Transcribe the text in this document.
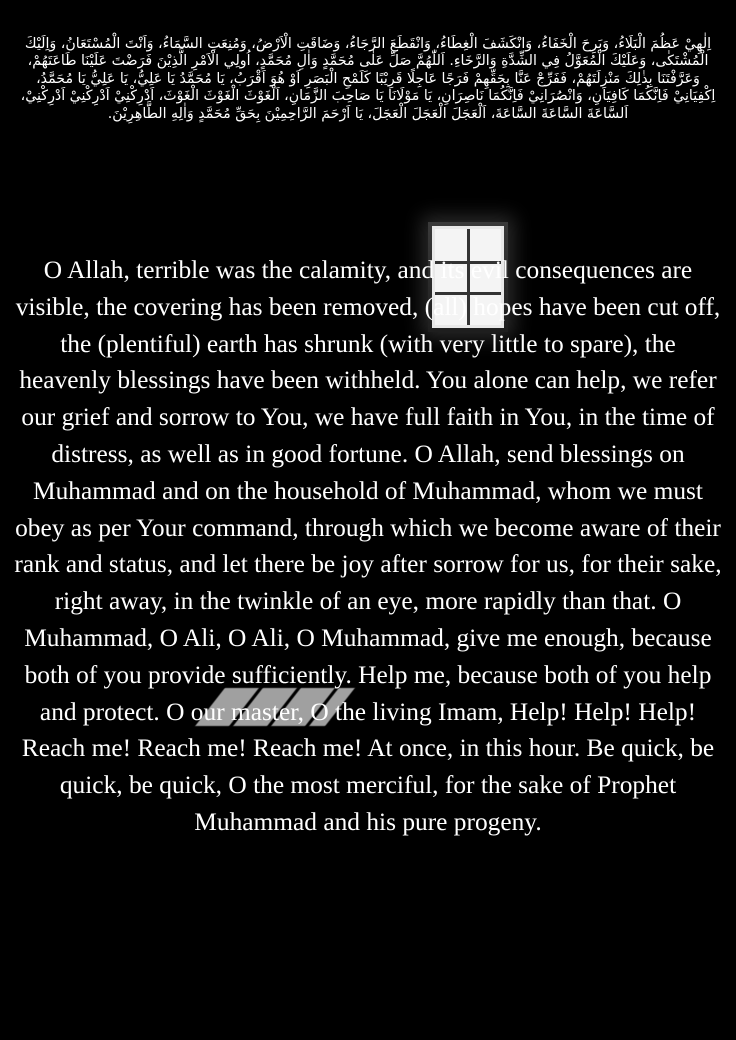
اِلٰهِيْ عَظُمَ الْبَلَاءُ، وَبَرِحَ الْخَفَاءُ، وَانْكَشَفَ الْغِطَاءُ، وَانْقَطَعَ الرَّجَاءُ، وَضَاقَتِ الْاَرْضُ، وَمُنِعَتِ السَّمَاءُ، وَاَنْتَ الْمُسْتَعَانُ، وَاِلَيْكَ الْمُشْتَكٰى، وَعَلَيْكَ الْمُعَوَّلُ فِي الشِّدَّةِ وَالرَّخَاءِ. اَللّٰهُمَّ صَلِّ عَلٰى مُحَمَّدٍ وَاٰلِ مُحَمَّدٍ، اُولِي الْاَمْرِ الَّذِيْنَ فَرَضْتَ عَلَيْنَا طَاعَتَهُمْ، وَعَرَّفْتَنَا بِذٰلِكَ مَنْزِلَتَهُمْ، فَفَرِّجْ عَنَّا بِحَقِّهِمْ فَرَجًا عَاجِلًا قَرِيْبًا كَلَمْحِ الْبَصَرِ اَوْ هُوَ اَقْرَبُ، يَا مُحَمَّدُ يَا عَلِيُّ، يَا عَلِيُّ يَا مُحَمَّدُ، اِكْفِيَانِيْ فَاِنَّكُمَا كَافِيَانِ، وَانْصُرَانِيْ فَاِنَّكُمَا نَاصِرَانِ، يَا مَوْلَانَا يَا صَاحِبَ الزَّمَانِ، اَلْغَوْثَ الْغَوْثَ الْغَوْثَ، اَدْرِكْنِيْ اَدْرِكْنِيْ اَدْرِكْنِيْ، اَلسَّاعَةَ السَّاعَةَ السَّاعَةَ، اَلْعَجَلَ الْعَجَلَ الْعَجَلَ، يَا اَرْحَمَ الرَّاحِمِيْنَ بِحَقِّ مُحَمَّدٍ وَاٰلِهِ الطَّاهِرِيْنَ.

O Allah, terrible was the calamity, and its evil consequences are visible, the covering has been removed, (all) hopes have been cut off, the (plentiful) earth has shrunk (with very little to spare), the heavenly blessings have been withheld. You alone can help, we refer our grief and sorrow to You, we have full faith in You, in the time of distress, as well as in good fortune. O Allah, send blessings on Muhammad and on the household of Muhammad, whom we must obey as per Your command, through which we become aware of their rank and status, and let there be joy after sorrow for us, for their sake, right away, in the twinkle of an eye, more rapidly than that. O Muhammad, O Ali, O Ali, O Muhammad, give me enough, because both of you provide sufficiently. Help me, because both of you help and protect. O our master, O the living Imam, Help! Help! Help! Reach me! Reach me! Reach me! At once, in this hour. Be quick, be quick, be quick, O the most merciful, for the sake of Prophet Muhammad and his pure progeny.
